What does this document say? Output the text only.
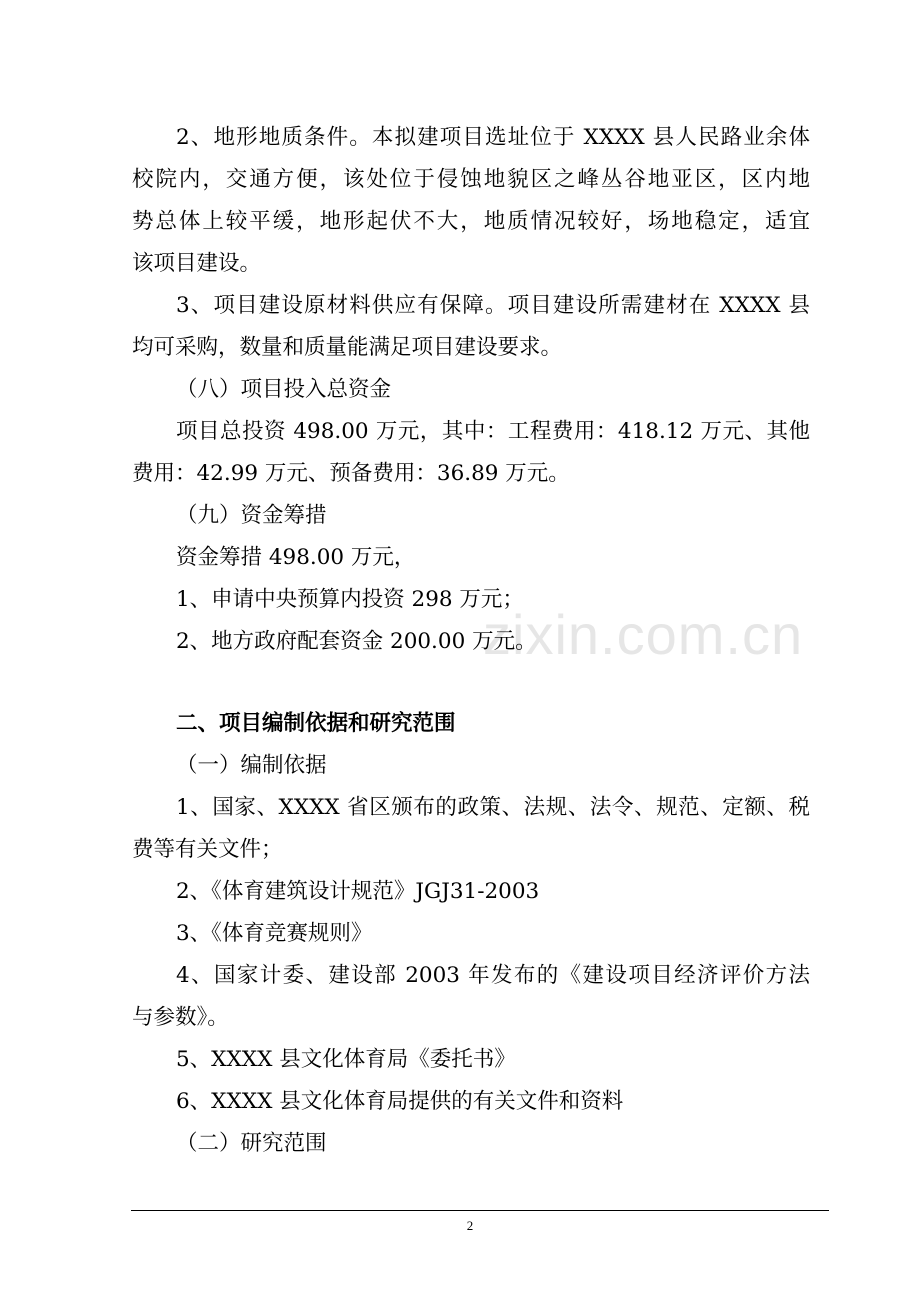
zixin.com.cn

2、地形地质条件。本拟建项目选址位于 XXXX 县人民路业余体

校院内，交通方便，该处位于侵蚀地貌区之峰丛谷地亚区，区内地

势总体上较平缓，地形起伏不大，地质情况较好，场地稳定，适宜

该项目建设。

3、项目建设原材料供应有保障。项目建设所需建材在 XXXX 县

均可采购，数量和质量能满足项目建设要求。

（八）项目投入总资金

项目总投资 498.00 万元，其中：工程费用：418.12 万元、其他

费用：42.99 万元、预备费用：36.89 万元。

（九）资金筹措

资金筹措 498.00 万元，

1、申请中央预算内投资 298 万元；

2、地方政府配套资金 200.00 万元。

二、项目编制依据和研究范围

（一）编制依据

1、国家、XXXX 省区颁布的政策、法规、法令、规范、定额、税

费等有关文件；

2、《体育建筑设计规范》JGJ31-2003

3、《体育竞赛规则》

4、国家计委、建设部 2003 年发布的《建设项目经济评价方法

与参数》。

5、XXXX 县文化体育局《委托书》

6、XXXX 县文化体育局提供的有关文件和资料

（二）研究范围

2
